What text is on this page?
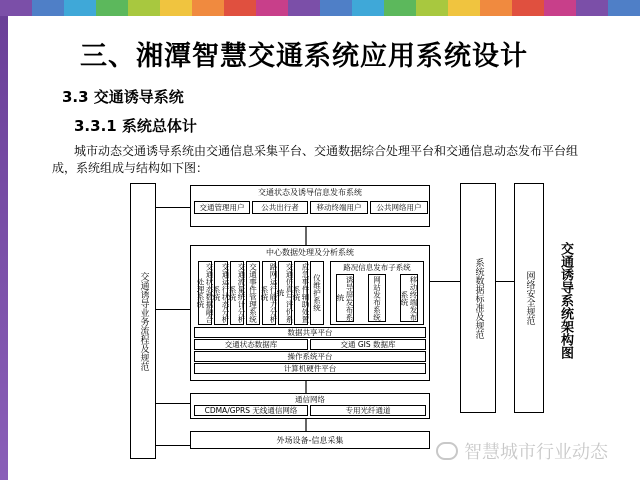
三、湘潭智慧交通系统应用系统设计
3.3 交通诱导系统
3.3.1 系统总体计
城市动态交通诱导系统由交通信息采集平台、交通数据综合处理平台和交通信息动态发布平台组成，系统组成与结构如下图：
交通诱导业务流程及规范	系统数据标准及规范	网络安全规范
交通状态及诱导信息发布系统
交通管理用户	公共出行者	移动终端用户	公共网络用户
中心数据处理及分析系统
交通状态数据融合处理系统	交通运行状态分析系统	交通流量统计分析系统	交通事件管理系统	路网运行能力分析系统	交通仿真与评价系统	应急事件辅助处置系统	仪维护系统
路况信息发布子系统
诱导屏发布系统	网站发布系统	移动终端发布系统
数据共享平台
交通状态数据库	交通 GIS 数据库
操作系统平台
计算机硬件平台
通信网络
CDMA/GPRS 无线通信网络	专用光纤通道
外场设备-信息采集
交通诱导系统架构图
智慧城市行业动态
